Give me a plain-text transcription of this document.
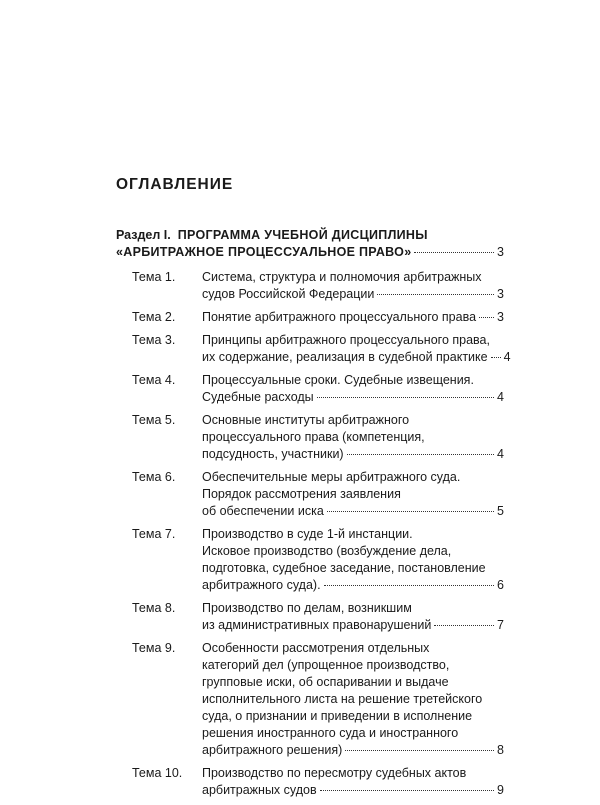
ОГЛАВЛЕНИЕ
Раздел I.
ПРОГРАММА УЧЕБНОЙ ДИСЦИПЛИНЫ
«АРБИТРАЖНОЕ ПРОЦЕССУАЛЬНОЕ ПРАВО»	3
Тема 1.	Система, структура и полномочия арбитражных
судов Российской Федерации	3
Тема 2.	Понятие арбитражного процессуального права 3
Тема 3.	Принципы арбитражного процессуального права,
их содержание, реализация в судебной практике 4
Тема 4.	Процессуальные сроки. Судебные извещения.
Судебные расходы	4
Тема 5.	Основные институты арбитражного
процессуального права (компетенция,
подсудность, участники)	4
Тема 6.	Обеспечительные меры арбитражного суда.
Порядок рассмотрения заявления
об обеспечении иска	5
Тема 7.	Производство в суде 1-й инстанции.
Исковое производство (возбуждение дела,
подготовка, судебное заседание, постановление
арбитражного суда).	6
Тема 8.	Производство по делам, возникшим
из административных правонарушений	7
Тема 9.	Особенности рассмотрения отдельных
категорий дел (упрощенное производство,
групповые иски, об оспаривании и выдаче
исполнительного листа на решение третейского
суда, о признании и приведении в исполнение
решения иностранного суда и иностранного
арбитражного решения)	8
Тема 10.	Производство по пересмотру судебных актов
арбитражных судов	9
